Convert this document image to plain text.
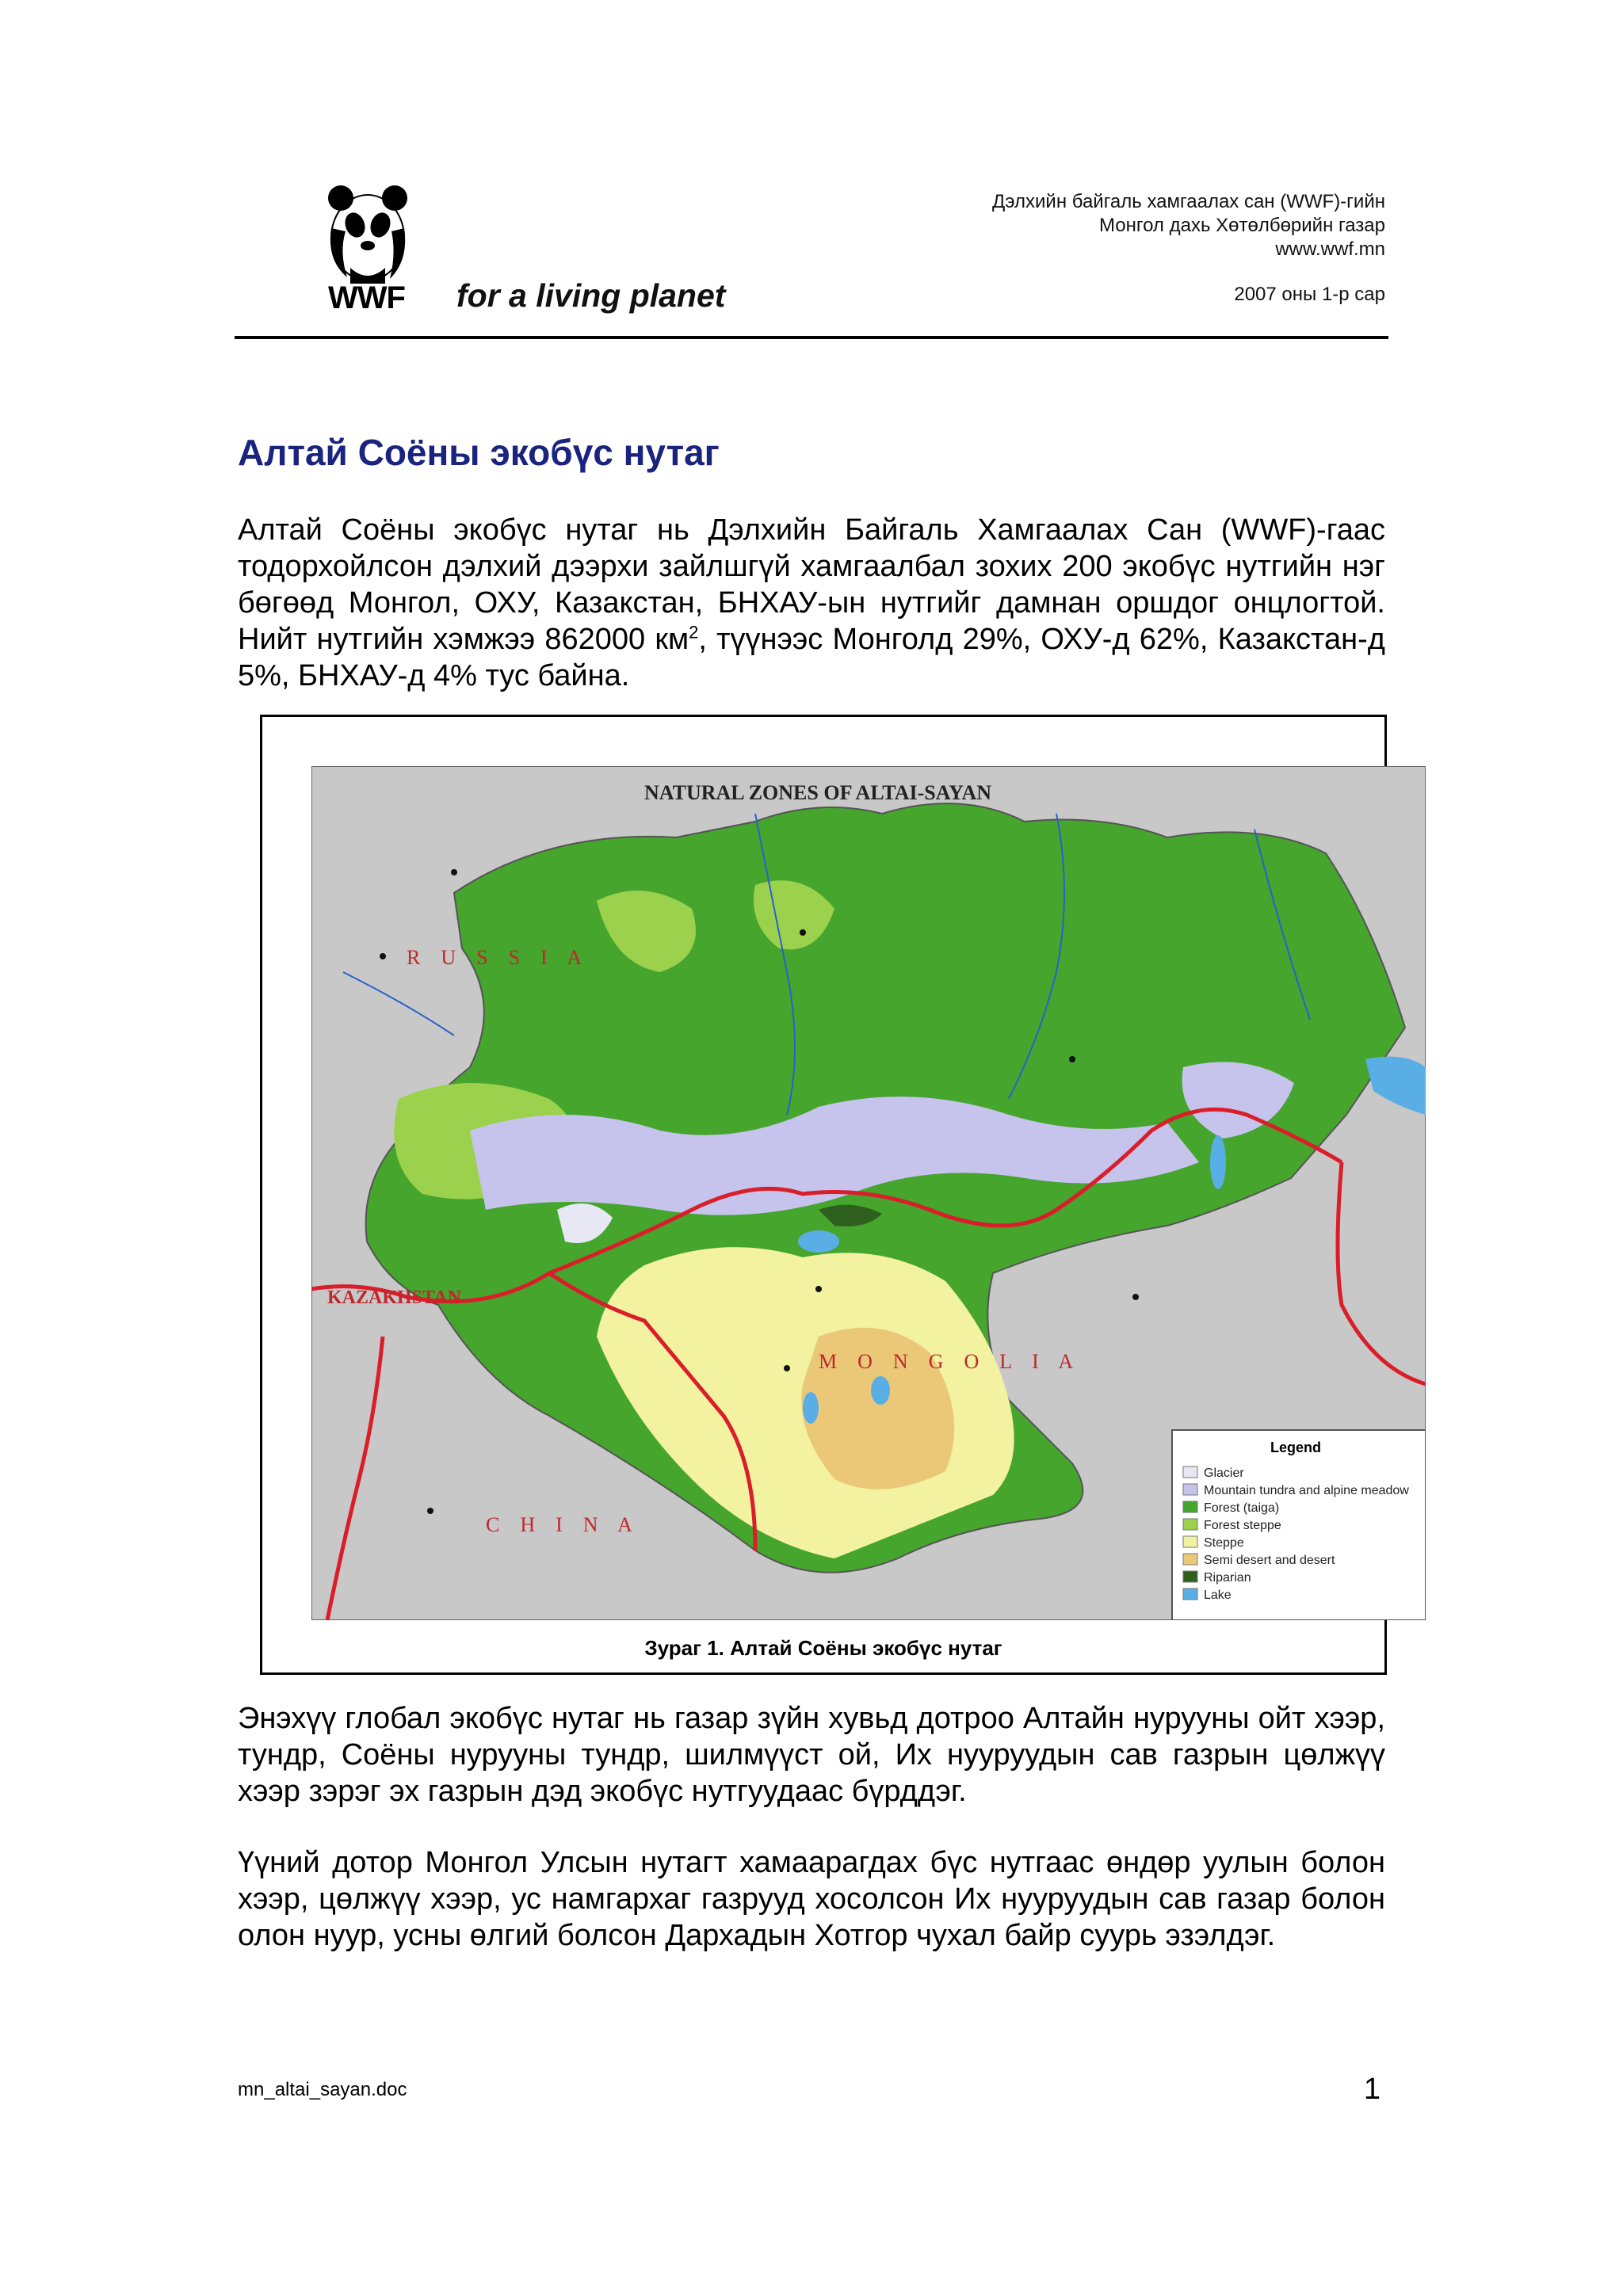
WWF for a living planet
Дэлхийн байгаль хамгаалах сан (WWF)-гийн
Монгол дахь Хөтөлбөрийн газар
www.wwf.mn
2007 оны 1-р сар
Алтай Соёны экобүс нутаг
Алтай Соёны экобүс нутаг нь Дэлхийн Байгаль Хамгаалах Сан (WWF)-гаас тодорхойлсон дэлхий дээрхи зайлшгүй хамгаалбал зохих 200 экобүс нутгийн нэг бөгөөд Монгол, ОХУ, Казакстан, БНХАУ-ын нутгийг дамнан оршдог онцлогтой. Нийт нутгийн хэмжээ 862000 $км^2$, түүнээс Монголд 29%, ОХУ-д 62%, Казакстан-д 5%, БНХАУ-д 4% тус байна.
NATURAL ZONES OF ALTAI-SAYAN
R    U    S    S    I    A
KAZAKHSTAN
M    O    N    G    O    L    I    A
C    H    I    N    A
Legend
Glacier
Mountain tundra and alpine meadow
Forest (taiga)
Forest steppe
Steppe
Semi desert and desert
Riparian
Lake
Зураг 1. Алтай Соёны экобүс нутаг
Энэхүү глобал экобүс нутаг нь газар зүйн хувьд дотроо Алтайн нурууны ойт хээр, тундр, Соёны нурууны тундр, шилмүүст ой, Их нууруудын сав газрын цөлжүү хээр зэрэг эх газрын дэд экобүс нутгуудаас бүрддэг.
Үүний дотор Монгол Улсын нутагт хамаарагдах бүс нутгаас өндөр уулын болон хээр, цөлжүү хээр, ус намгархаг газрууд хосолсон Их нууруудын сав газар болон олон нуур, усны өлгий болсон Дархадын Хотгор чухал байр суурь эзэлдэг.
mn_altai_sayan.doc	1
